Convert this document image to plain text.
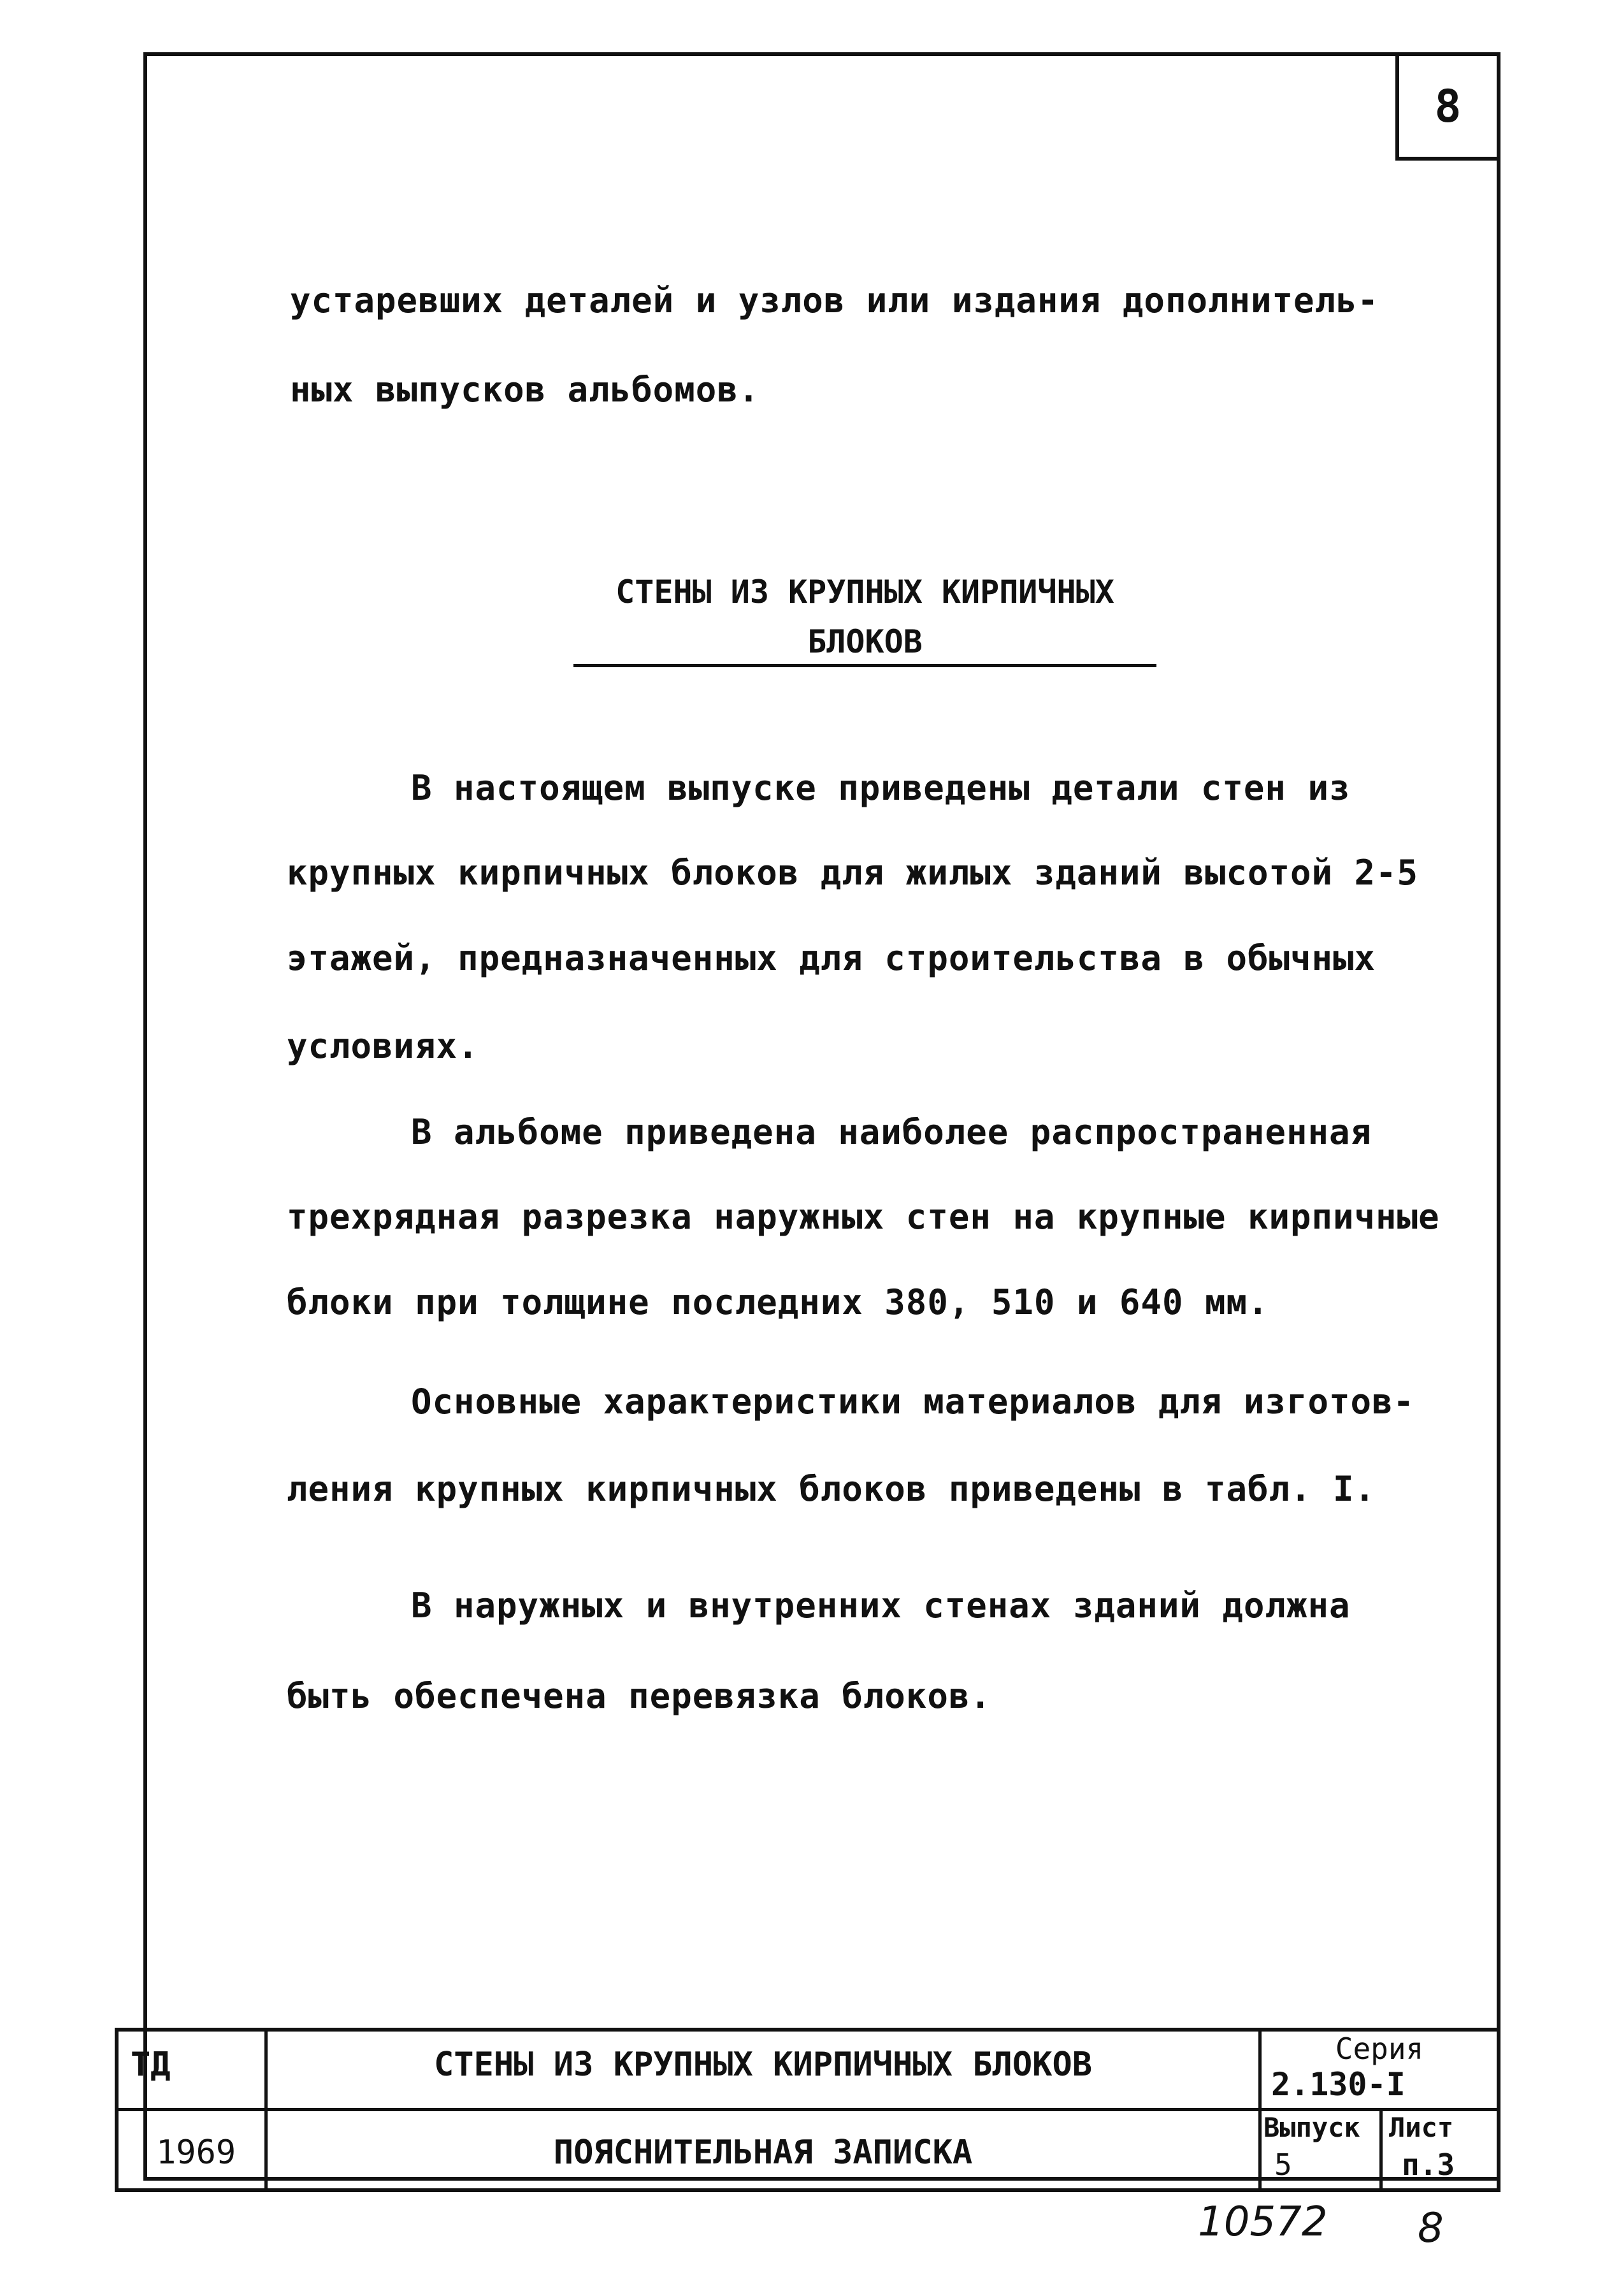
8
устаревших деталей и узлов или издания дополнитель-
ных выпусков альбомов.
СТЕНЫ ИЗ КРУПНЫХ КИРПИЧНЫХ
БЛОКОВ
В настоящем выпуске приведены детали стен из
крупных кирпичных блоков для жилых зданий высотой 2-5
этажей, предназначенных для строительства в обычных
условиях.
В альбоме приведена наиболее распространенная
трехрядная разрезка наружных стен на крупные кирпичные
блоки при толщине последних 380, 510 и 640 мм.
Основные характеристики материалов для изготов-
ления крупных кирпичных блоков приведены в табл. I.
В наружных и внутренних стенах зданий должна
быть обеспечена перевязка блоков.
ТД
1969
СТЕНЫ ИЗ КРУПНЫХ КИРПИЧНЫХ БЛОКОВ
ПОЯСНИТЕЛЬНАЯ ЗАПИСКА
Серия
2.130-I
Выпуск
5
Лист
п.3
10572 8
